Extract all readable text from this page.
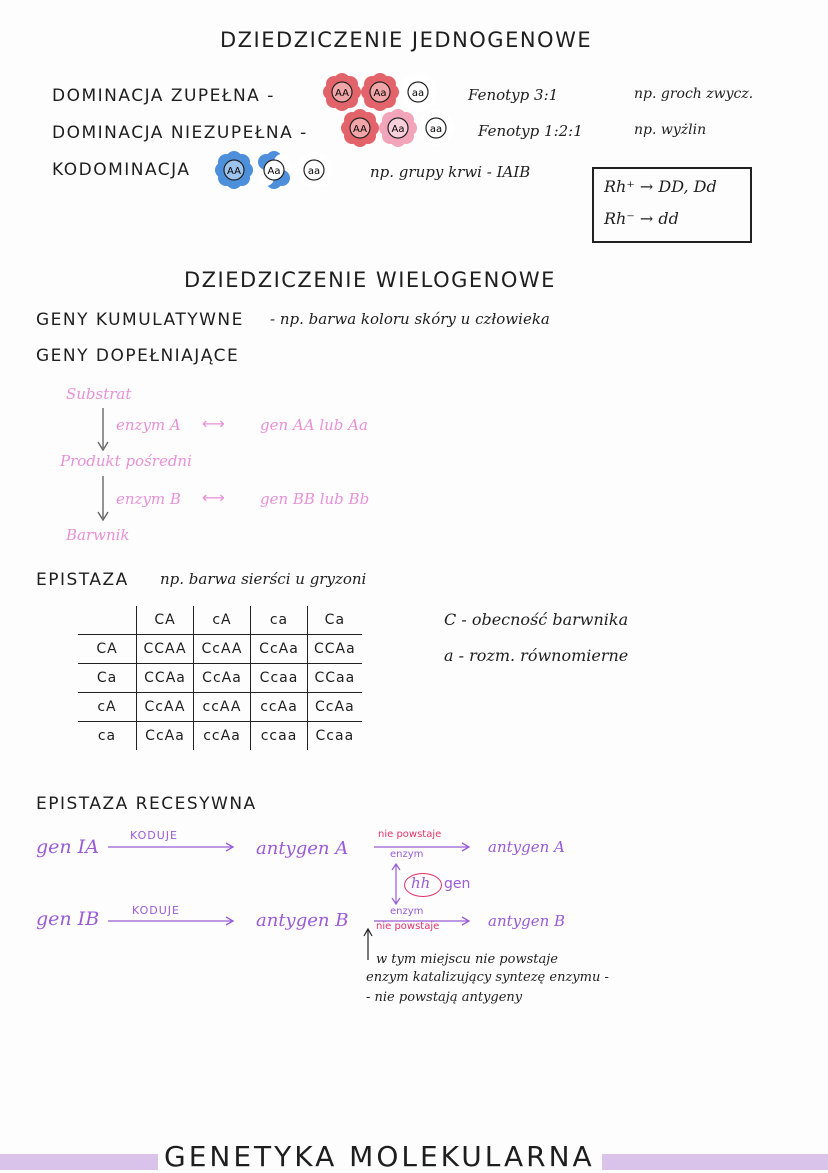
DZIEDZICZENIE JEDNOGENOWE
DOMINACJA ZUPEŁNA -	AA Aa	aa	Fenotyp 3:1	np. groch zwycz.
DOMINACJA NIEZUPEŁNA -	AA Aa	aa Fenotyp 1:2:1	np. wyżlin
KODOMINACJA	AA	Aa	aa	np. grupy krwi - IAIB
Rh⁺ → DD, Dd
Rh⁻ → dd
DZIEDZICZENIE WIELOGENOWE
GENY KUMULATYWNE - np. barwa koloru skóry u człowieka
GENY DOPEŁNIAJĄCE
Substrat
enzym A ⟷ gen AA lub Aa
Produkt pośredni
enzym B ⟷ gen BB lub Bb
Barwnik
EPISTAZA np. barwa sierści u gryzoni
	CA	cA	ca	Ca
CA	CCAA	CcAA	CcAa	CCAa
Ca	CCAa	CcAa	Ccaa	CCaa
cA	CcAA	ccAA	ccAa	CcAa
ca	CcAa	ccAa	ccaa	Ccaa
C - obecność barwnika
a - rozm. równomierne
EPISTAZA RECESYWNA
gen IA
KODUJE
antygen A
nie powstaje
enzym	antygen A
hh gen
gen IB	KODUJE	antygen B	enzym
nie powstaje	antygen B
w tym miejscu nie powstaje
enzym katalizujący syntezę enzymu -
- nie powstają antygeny
GENETYKA MOLEKULARNA
